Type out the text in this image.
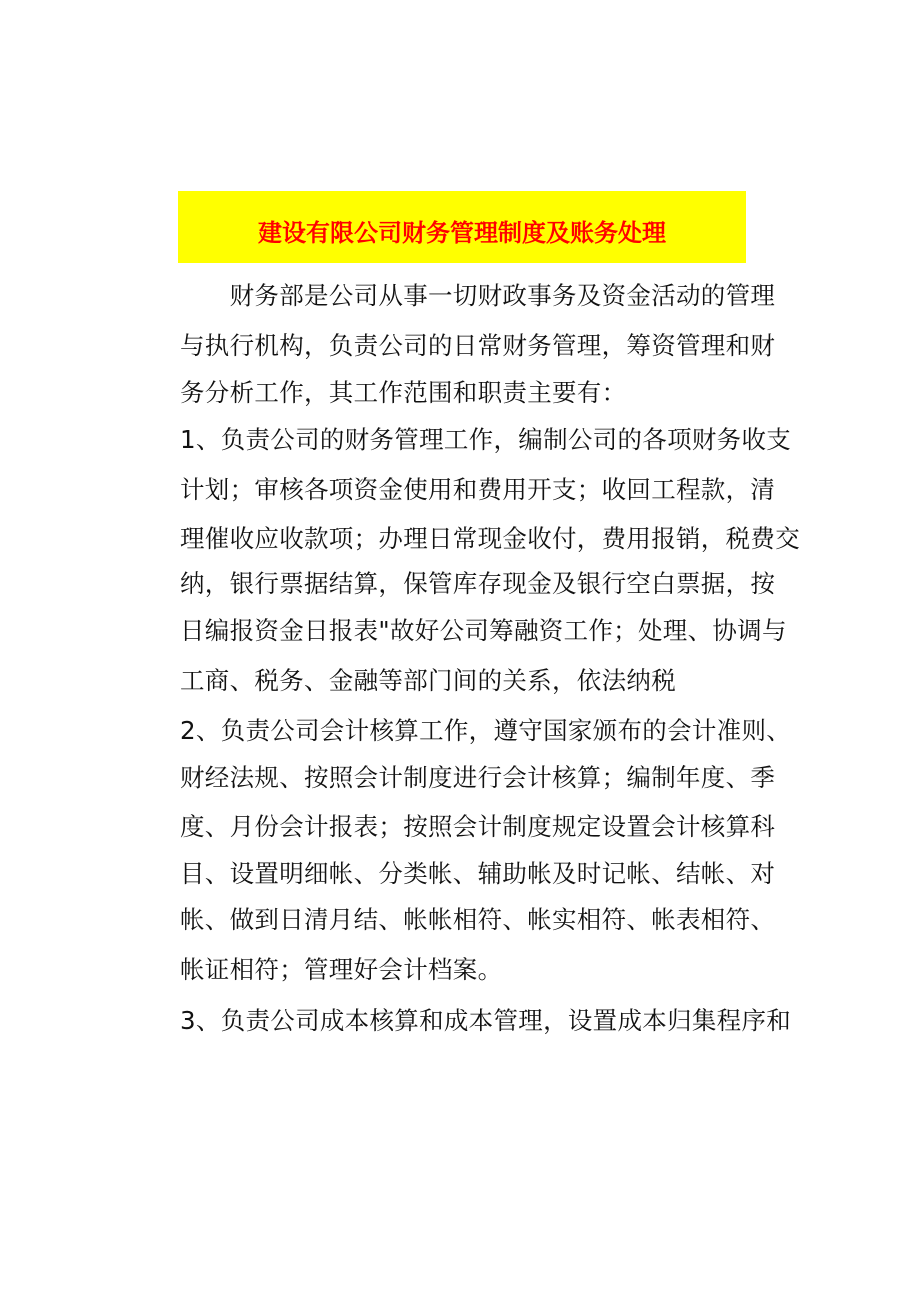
建设有限公司财务管理制度及账务处理
　　财务部是公司从事一切财政事务及资金活动的管理
与执行机构，负责公司的日常财务管理，筹资管理和财
务分析工作，其工作范围和职责主要有：
1、负责公司的财务管理工作，编制公司的各项财务收支
计划；审核各项资金使用和费用开支；收回工程款，清
理催收应收款项；办理日常现金收付，费用报销，税费交
纳，银行票据结算，保管库存现金及银行空白票据，按
日编报资金日报表"故好公司筹融资工作；处理、协调与
工商、税务、金融等部门间的关系，依法纳税
2、负责公司会计核算工作，遵守国家颁布的会计准则、
财经法规、按照会计制度进行会计核算；编制年度、季
度、月份会计报表；按照会计制度规定设置会计核算科
目、设置明细帐、分类帐、辅助帐及时记帐、结帐、对
帐、做到日清月结、帐帐相符、帐实相符、帐表相符、
帐证相符；管理好会计档案。
3、负责公司成本核算和成本管理，设置成本归集程序和
